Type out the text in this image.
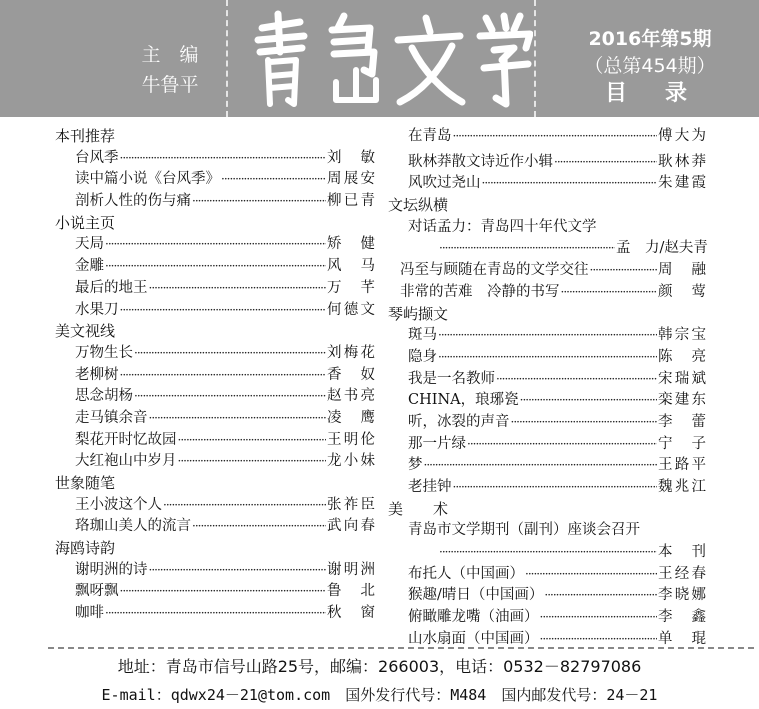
主　编
牛鲁平
2016年第5期
（总第454期）
目　录
本刊推荐
台风季 ·····	刘　敏
读中篇小说《台风季》 ·····	周展安
剖析人性的伤与痛 ·····	柳已青
小说主页
天局 ·····	矫　健
金雕 ·····	风　马
最后的地王 ·····	万　芊
水果刀 ·····	何德文
美文视线
万物生长 ·····	刘梅花
老柳树 ·····	香　奴
思念胡杨 ·····	赵书亮
走马镇余音 ·····	凌　鹰
梨花开时忆故园 ·····	王明伦
大红袍山中岁月 ·····	龙小妹
世象随笔
王小波这个人 ·····	张祚臣
珞珈山美人的流言 ·····	武向春
海鸥诗韵
谢明洲的诗 ·····	谢明洲
飘呀飘 ·····	鲁　北
咖啡 ·····	秋　窗
在青岛 ·····	傅大为
耿林莽散文诗近作小辑 ·····	耿林莽
风吹过尧山 ·····	朱建霞
文坛纵横
对话孟力：青岛四十年代文学
·····
孟　力/赵夫青
冯至与顾随在青岛的文学交往 ·····	周　融
非常的苦难　冷静的书写 ·····	颜　莺
琴屿撷文
斑马 ·····	韩宗宝
隐身 ·····	陈　亮
我是一名教师 ·····	宋瑞斌
CHINA，琅琊瓷 ·····	栾建东
听，冰裂的声音 ·····	李　蕾
那一片绿 ·····	宁　子
梦 ·····	王路平
老挂钟 ·····	魏兆江
美　　术
青岛市文学期刊（副刊）座谈会召开
·····
本　刊
布托人（中国画） ·····	王经春
猴趣/晴日（中国画） ·····	李晓娜
俯瞰雕龙嘴（油画） ·····	李　鑫
山水扇面（中国画） ·····	单　琨
地址：青岛市信号山路25号，邮编：266003，电话：0532－82797086
E-mail：qdwx24－21@tom.com　国外发行代号：M484　国内邮发代号：24－21
